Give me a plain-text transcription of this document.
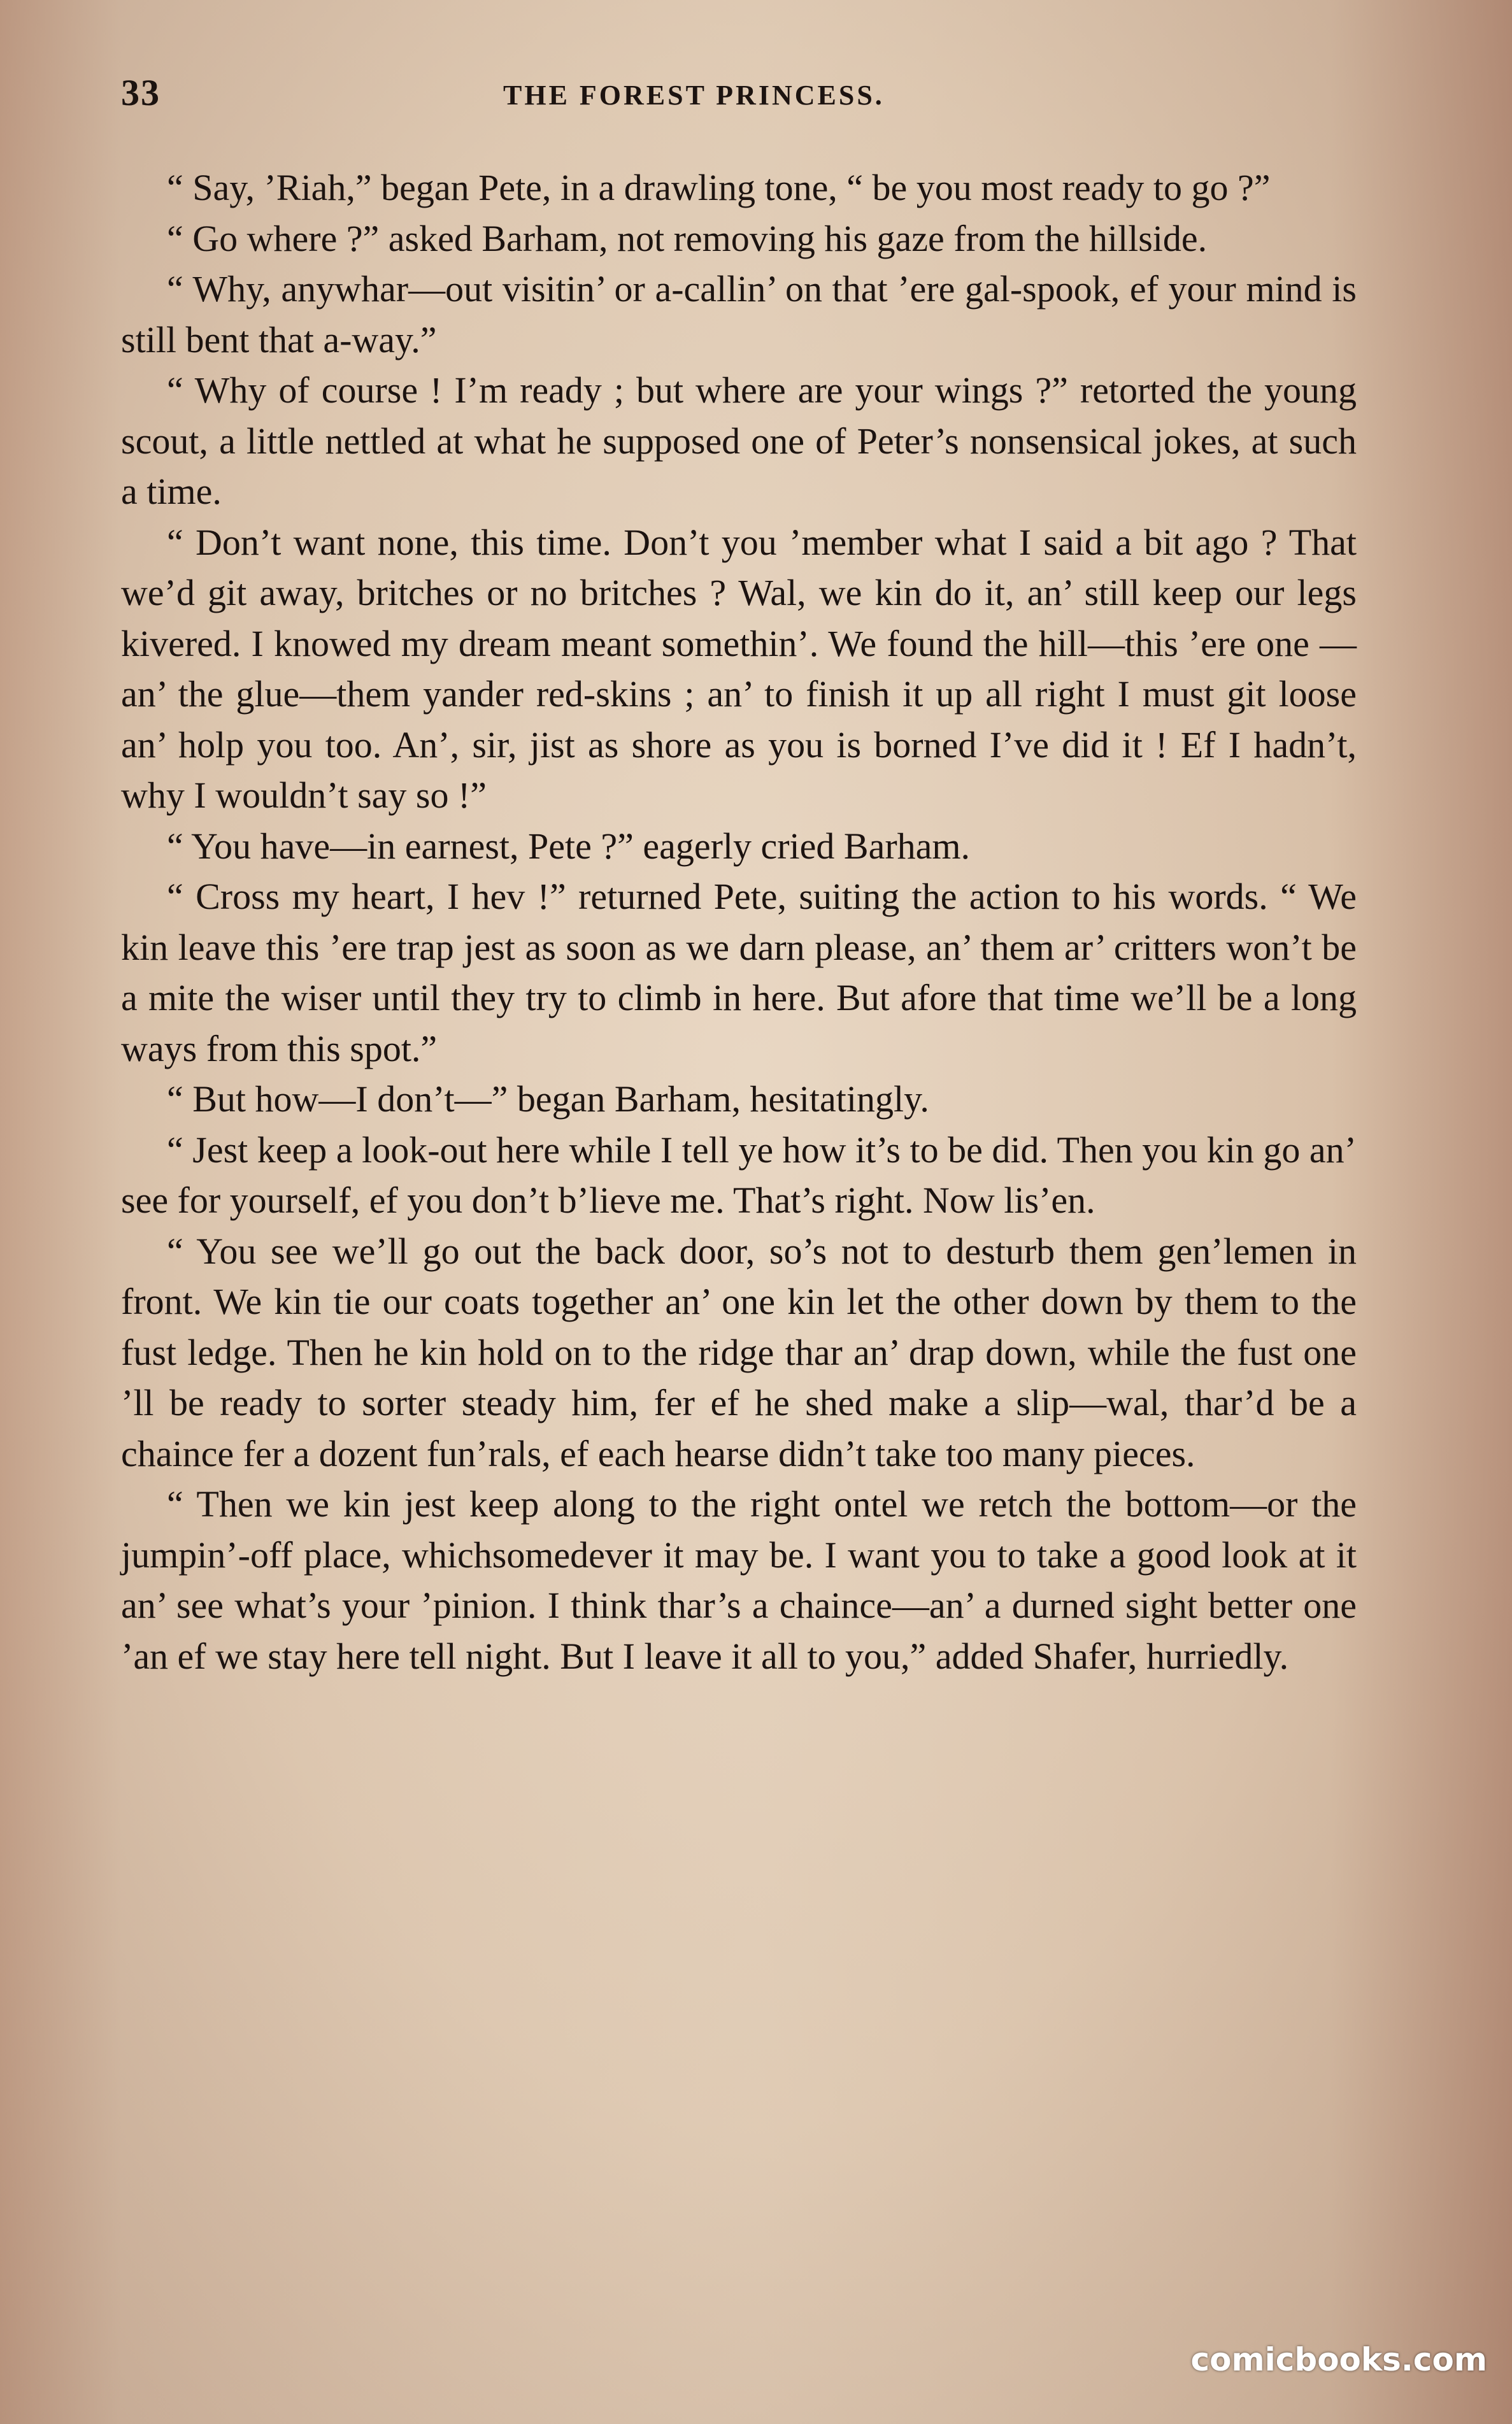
33	THE FOREST PRINCESS.

“ Say, ’Riah,” began Pete, in a drawling tone, “ be you most ready to go ?”

“ Go where ?” asked Barham, not removing his gaze from the hillside.

“ Why, anywhar—out visitin’ or a-callin’ on that ’ere gal-spook, ef your mind is still bent that a-way.”

“ Why of course ! I’m ready ; but where are your wings ?” retorted the young scout, a little nettled at what he supposed one of Peter’s nonsensical jokes, at such a time.

“ Don’t want none, this time. Don’t you ’member what I said a bit ago ? That we’d git away, britches or no britches ? Wal, we kin do it, an’ still keep our legs kivered. I knowed my dream meant somethin’. We found the hill—this ’ere one —an’ the glue—them yander red-skins ; an’ to finish it up all right I must git loose an’ holp you too. An’, sir, jist as shore as you is borned I’ve did it ! Ef I hadn’t, why I wouldn’t say so !”

“ You have—in earnest, Pete ?” eagerly cried Barham.

“ Cross my heart, I hev !” returned Pete, suiting the action to his words. “ We kin leave this ’ere trap jest as soon as we darn please, an’ them ar’ critters won’t be a mite the wiser until they try to climb in here. But afore that time we’ll be a long ways from this spot.”

“ But how—I don’t—” began Barham, hesitatingly.

“ Jest keep a look-out here while I tell ye how it’s to be did. Then you kin go an’ see for yourself, ef you don’t b’lieve me. That’s right. Now lis’en.

“ You see we’ll go out the back door, so’s not to desturb them gen’lemen in front. We kin tie our coats together an’ one kin let the other down by them to the fust ledge. Then he kin hold on to the ridge thar an’ drap down, while the fust one ’ll be ready to sorter steady him, fer ef he shed make a slip—wal, thar’d be a chaince fer a dozent fun’rals, ef each hearse didn’t take too many pieces.

“ Then we kin jest keep along to the right ontel we retch the bottom—or the jumpin’-off place, whichsomedever it may be. I want you to take a good look at it an’ see what’s your ’pinion. I think thar’s a chaince—an’ a durned sight better one ’an ef we stay here tell night. But I leave it all to you,” added Shafer, hurriedly.

comicbooks.com
